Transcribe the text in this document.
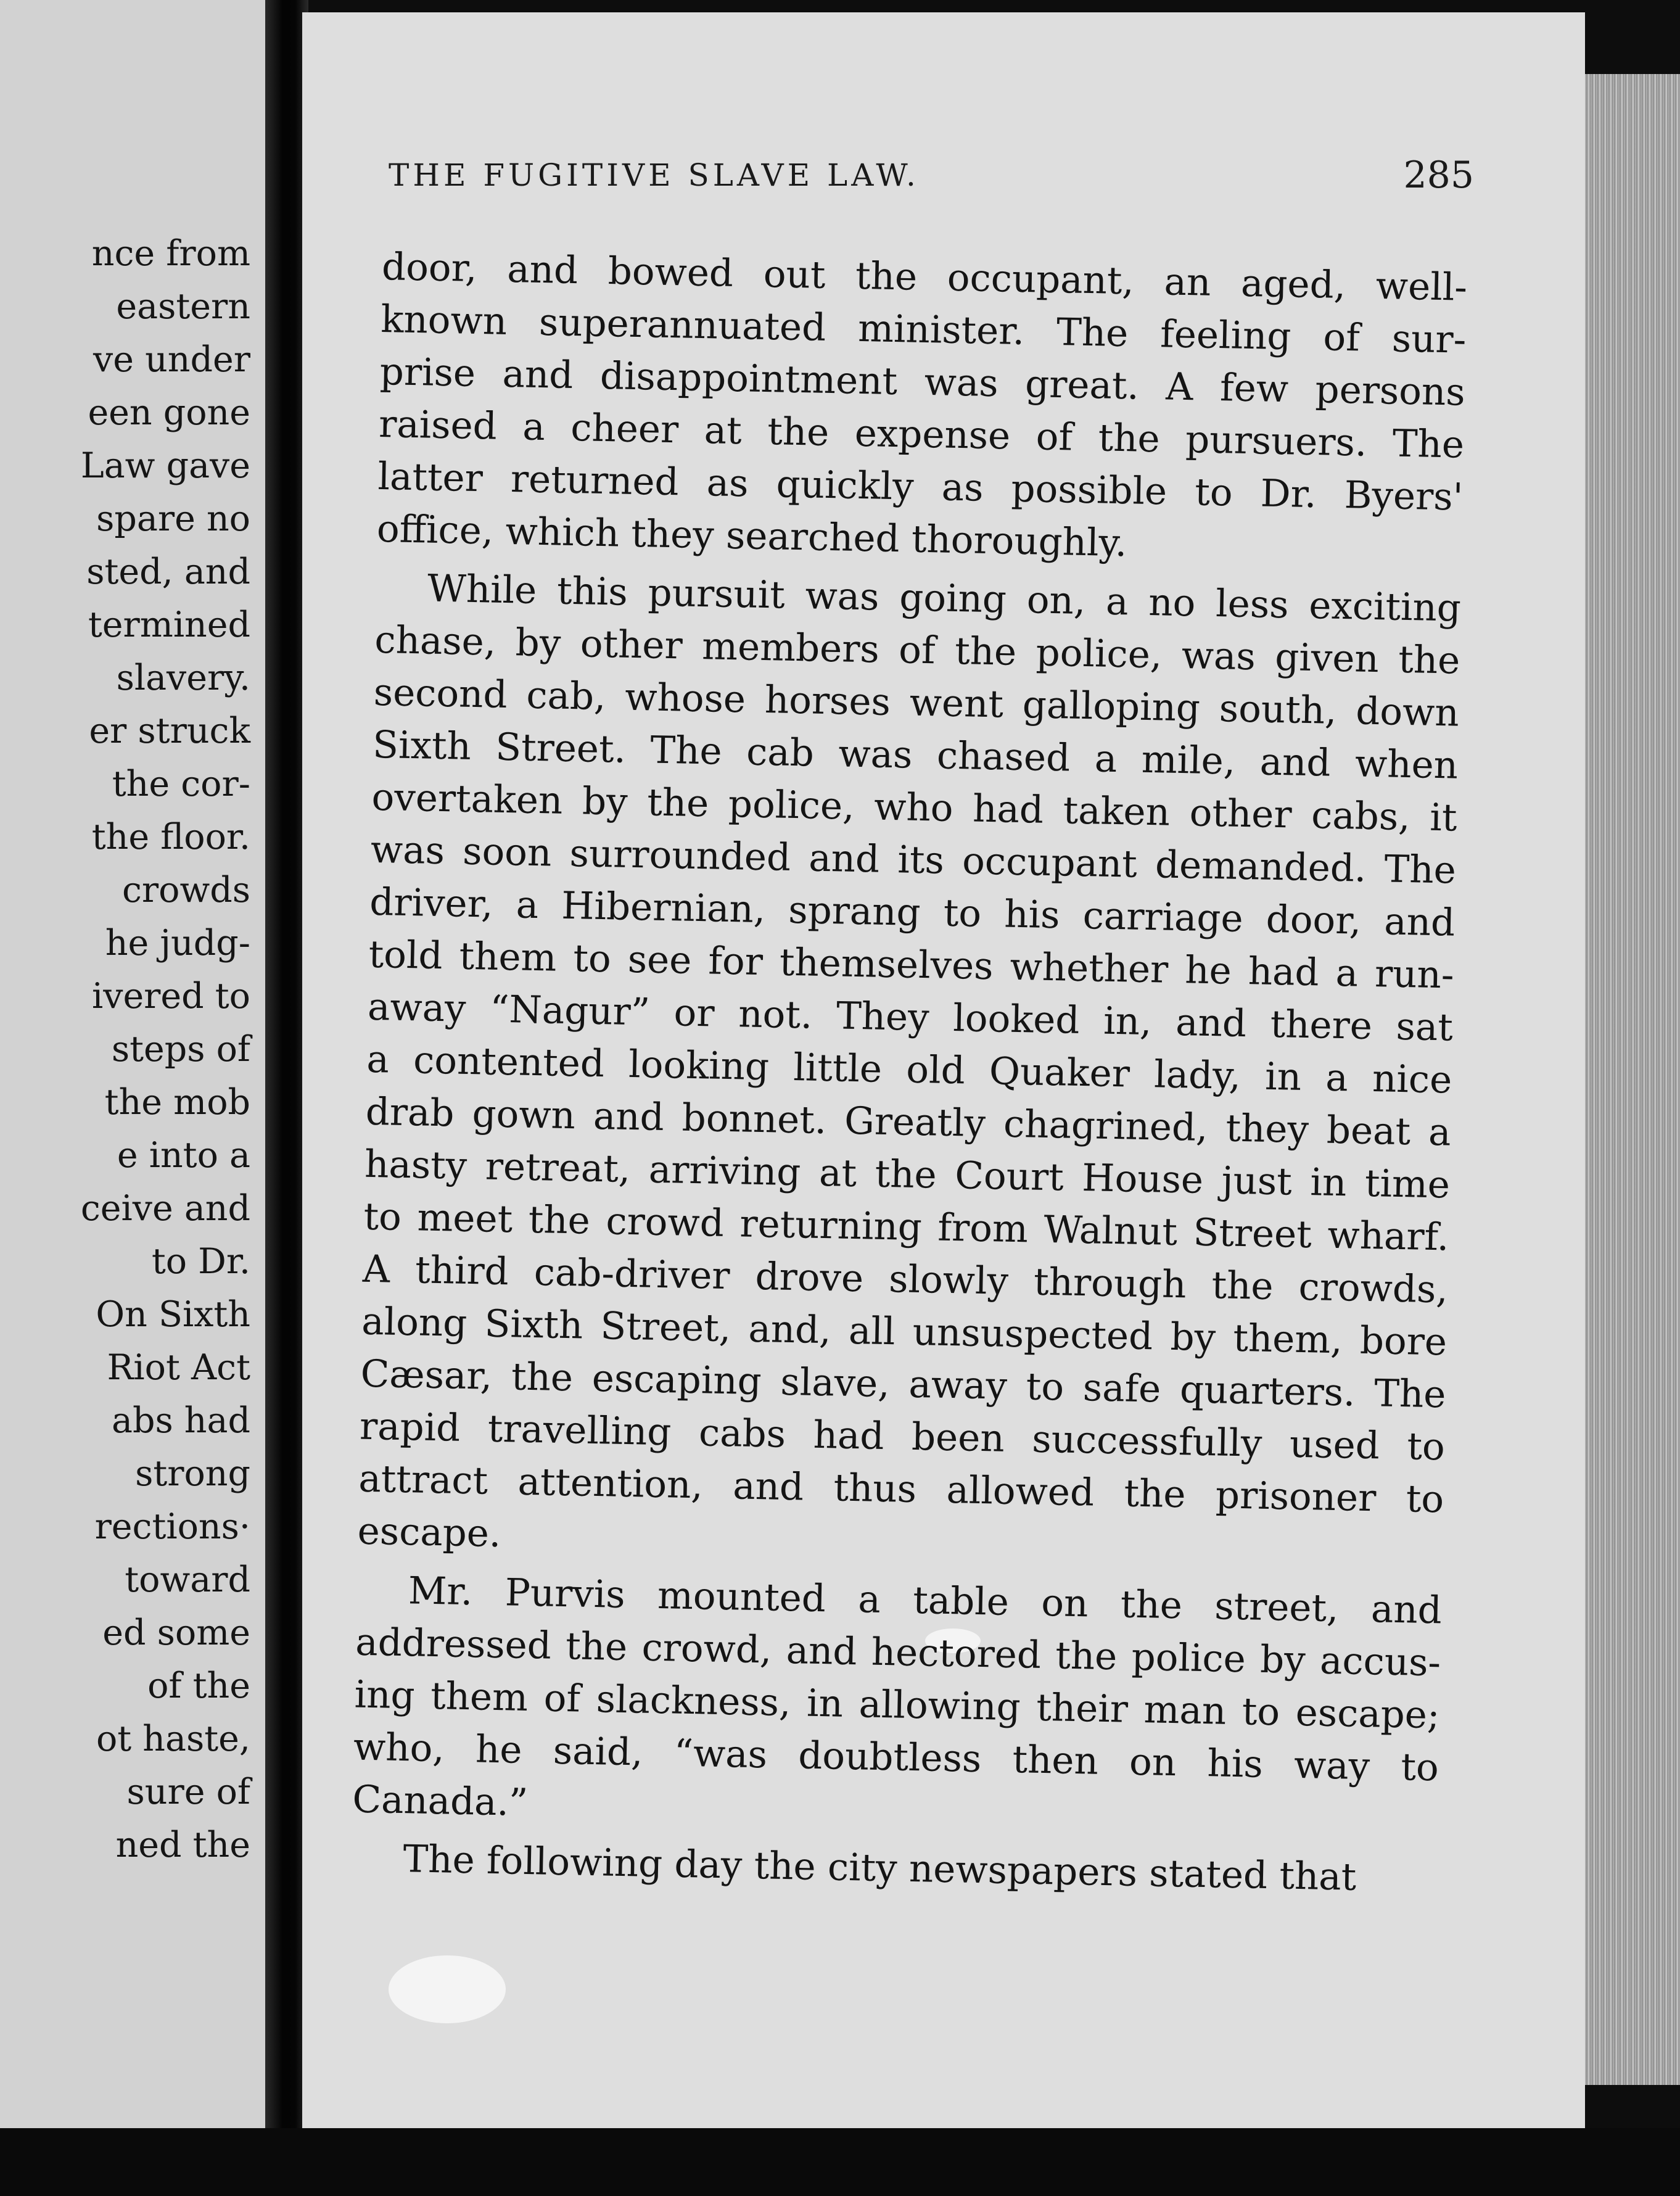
nce from
eastern
ve under
een gone
Law gave
spare no
sted, and
termined
slavery.
er struck
the cor-
the floor.
crowds
he judg-
ivered to
steps of
the mob
e into a
ceive and
to Dr.
On Sixth
Riot Act
abs had
strong
rections·
toward
ed some
of the
ot haste,
sure of
ned the
THE FUGITIVE SLAVE LAW.	285
door, and bowed out the occupant, an aged, well-
known superannuated minister. The feeling of sur-
prise and disappointment was great. A few persons
raised a cheer at the expense of the pursuers. The
latter returned as quickly as possible to Dr. Byers'
office, which they searched thoroughly.
While this pursuit was going on, a no less exciting
chase, by other members of the police, was given the
second cab, whose horses went galloping south, down
Sixth Street. The cab was chased a mile, and when
overtaken by the police, who had taken other cabs, it
was soon surrounded and its occupant demanded. The
driver, a Hibernian, sprang to his carriage door, and
told them to see for themselves whether he had a run-
away “Nagur” or not. They looked in, and there sat
a contented looking little old Quaker lady, in a nice
drab gown and bonnet. Greatly chagrined, they beat a
hasty retreat, arriving at the Court House just in time
to meet the crowd returning from Walnut Street wharf.
A third cab-driver drove slowly through the crowds,
along Sixth Street, and, all unsuspected by them, bore
Cæsar, the escaping slave, away to safe quarters. The
rapid travelling cabs had been successfully used to
attract attention, and thus allowed the prisoner to
escape.
Mr. Purvis mounted a table on the street, and
addressed the crowd, and hectored the police by accus-
ing them of slackness, in allowing their man to escape;
who, he said, “was doubtless then on his way to
Canada.”
The following day the city newspapers stated that
